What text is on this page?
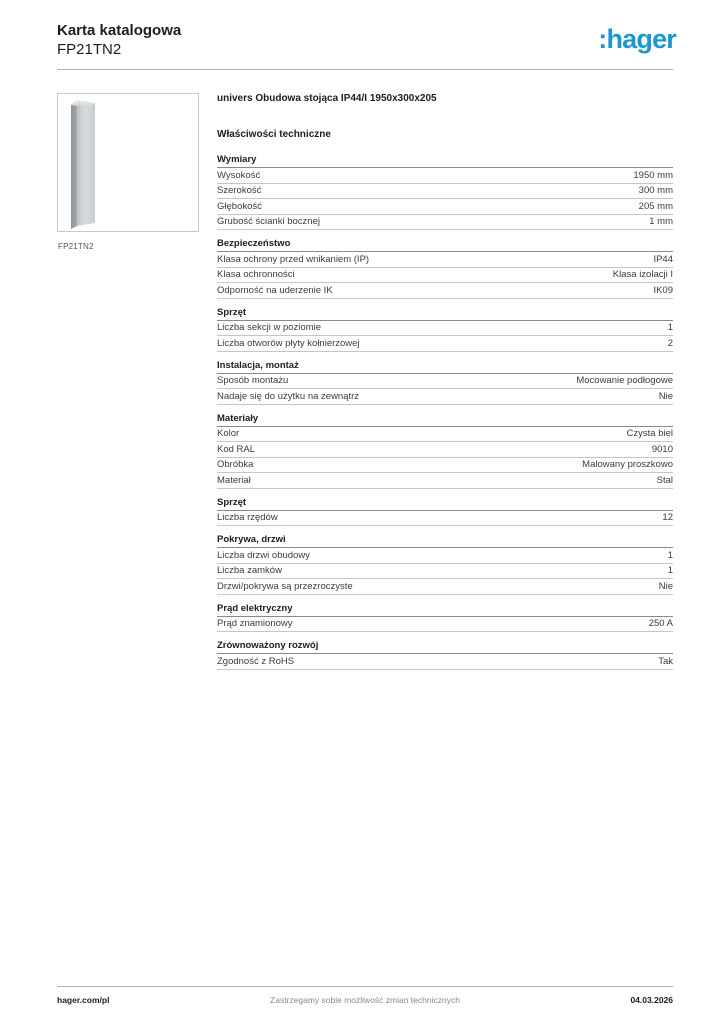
Karta katalogowa
FP21TN2	:hager
FP21TN2
univers Obudowa stojąca IP44/I 1950x300x205
Właściwości techniczne
Wymiary
Wysokość	1950 mm
Szerokość	300 mm
Głębokość	205 mm
Grubość ścianki bocznej	1 mm
Bezpieczeństwo
Klasa ochrony przed wnikaniem (IP)	IP44
Klasa ochronności	Klasa izolacji I
Odporność na uderzenie IK	IK09
Sprzęt
Liczba sekcji w poziomie	1
Liczba otworów płyty kołnierzowej	2
Instalacja, montaż
Sposób montażu	Mocowanie podłogowe
Nadaje się do użytku na zewnątrz	Nie
Materiały
Kolor	Czysta biel
Kod RAL	9010
Obróbka	Malowany proszkowo
Materiał	Stal
Sprzęt
Liczba rzędów	12
Pokrywa, drzwi
Liczba drzwi obudowy	1
Liczba zamków	1
Drzwi/pokrywa są przezroczyste	Nie
Prąd elektryczny
Prąd znamionowy	250 A
Zrównoważony rozwój
Zgodność z RoHS	Tak
hager.com/pl	Zastrzegamy sobie możliwość zmian technicznych	04.03.2026
